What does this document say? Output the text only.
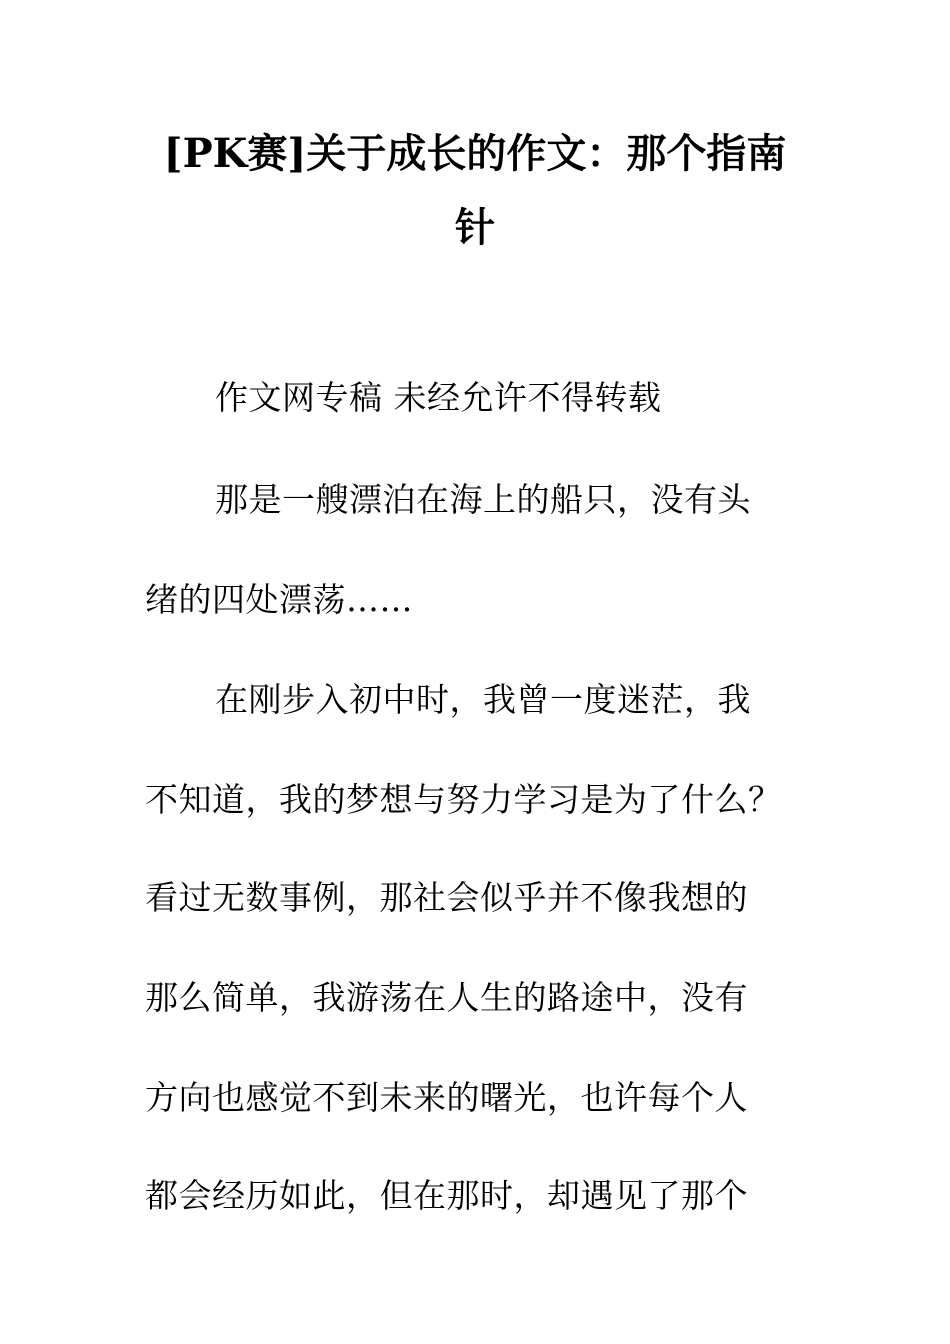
[PK赛]关于成长的作文：那个指南
针
作文网专稿 未经允许不得转载
那是一艘漂泊在海上的船只，没有头
绪的四处漂荡……
在刚步入初中时，我曾一度迷茫，我
不知道，我的梦想与努力学习是为了什么？
看过无数事例，那社会似乎并不像我想的
那么简单，我游荡在人生的路途中，没有
方向也感觉不到未来的曙光，也许每个人
都会经历如此，但在那时，却遇见了那个
